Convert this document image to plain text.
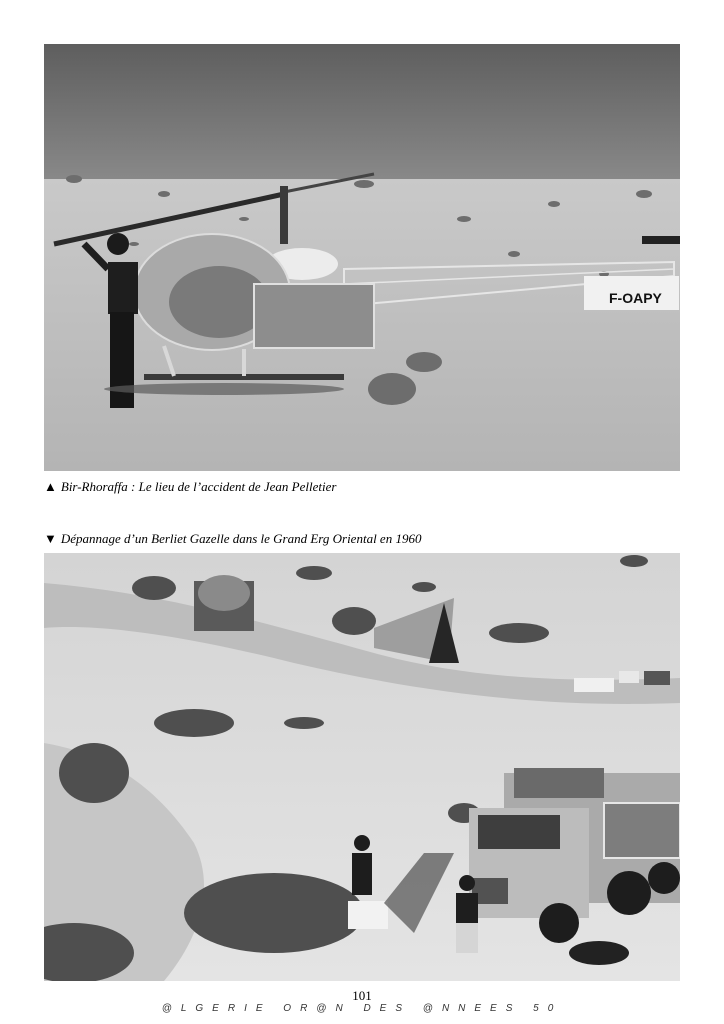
F-OAPY
▲ Bir-Rhoraffa : Le lieu de l’accident de Jean Pelletier
▼ Dépannage d’un Berliet Gazelle dans le Grand Erg Oriental en 1960
101
@LGERIE OR@N DES @NNEES 50
